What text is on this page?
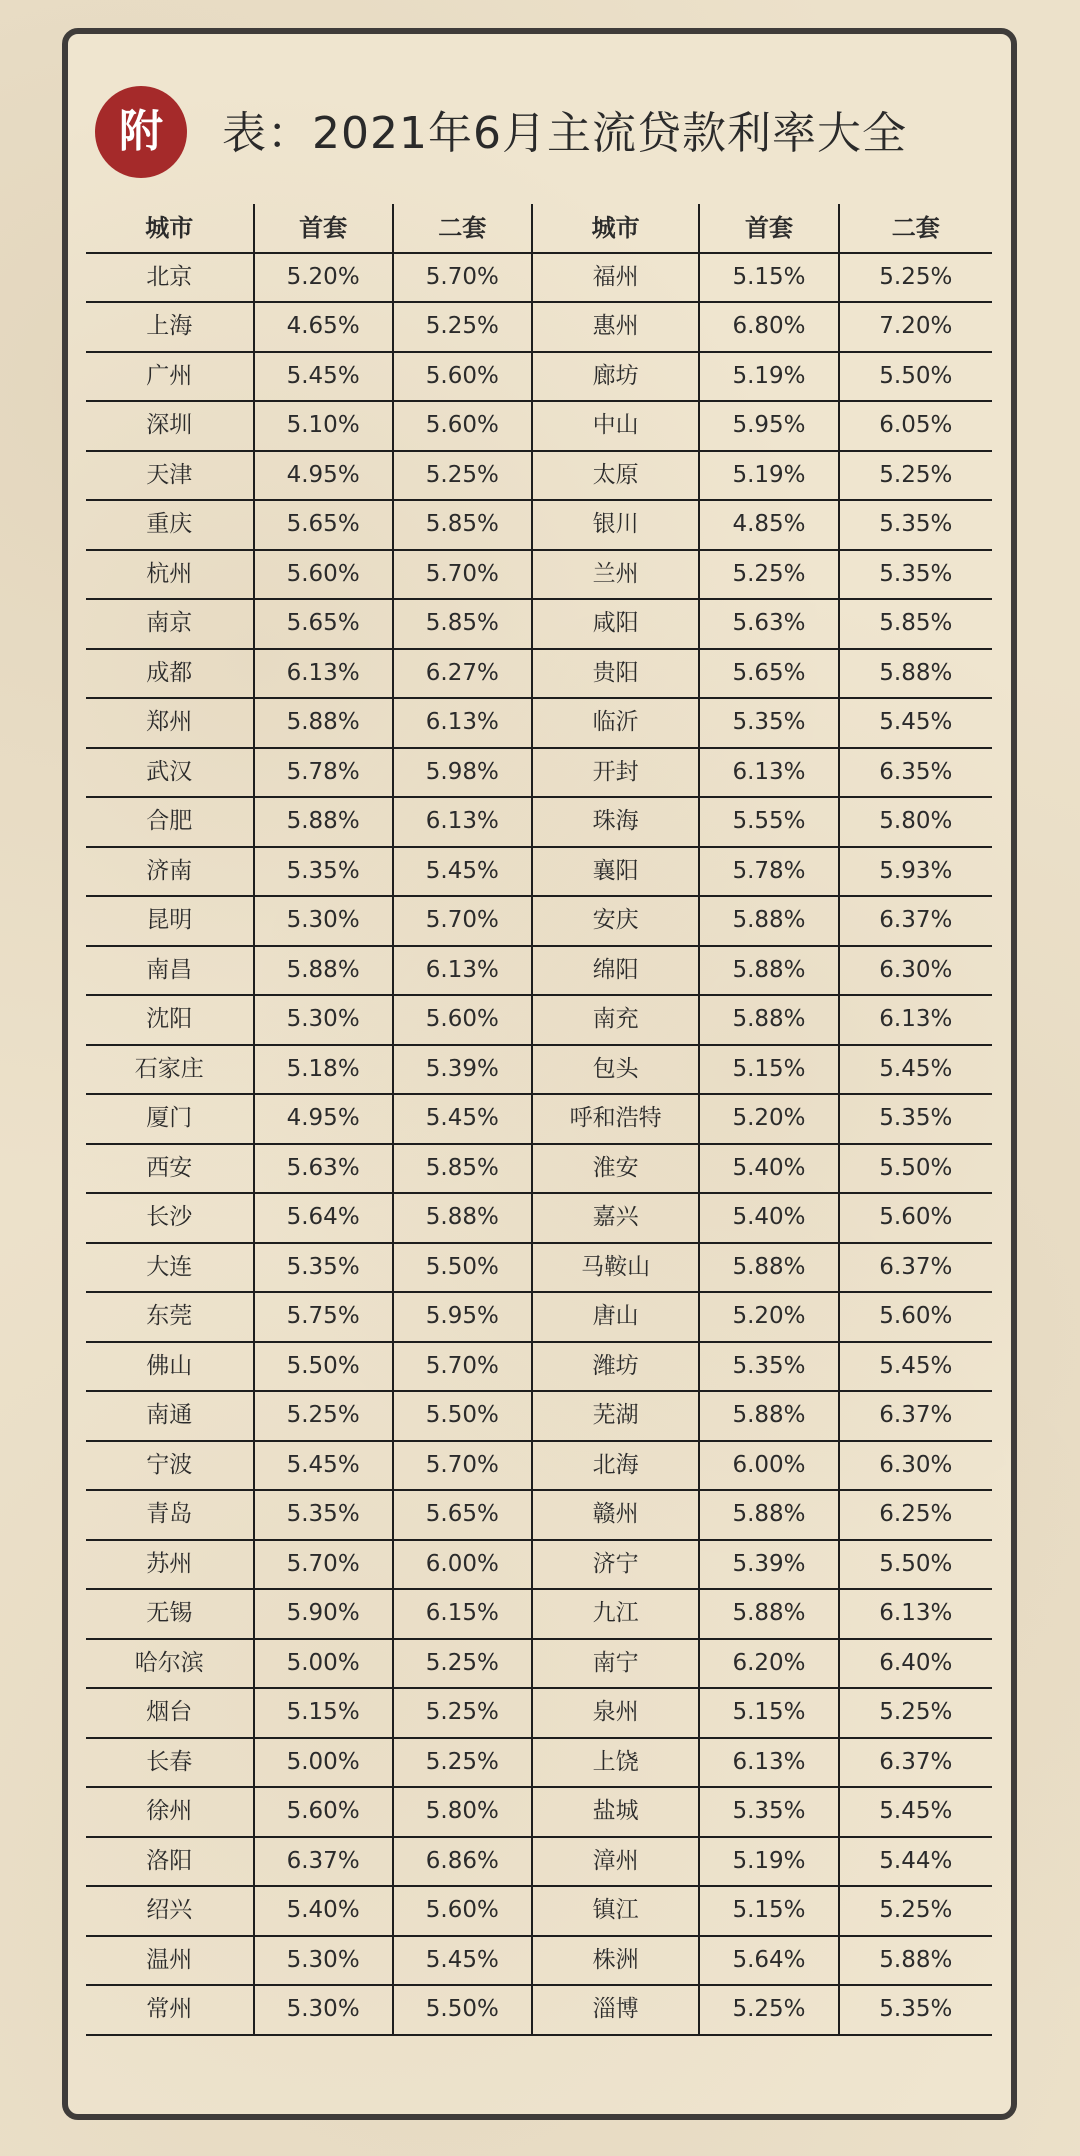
附	表：2021年6月主流贷款利率大全
城市	首套	二套	城市	首套	二套
北京	5.20%	5.70%	福州	5.15%	5.25%
上海	4.65%	5.25%	惠州	6.80%	7.20%
广州	5.45%	5.60%	廊坊	5.19%	5.50%
深圳	5.10%	5.60%	中山	5.95%	6.05%
天津	4.95%	5.25%	太原	5.19%	5.25%
重庆	5.65%	5.85%	银川	4.85%	5.35%
杭州	5.60%	5.70%	兰州	5.25%	5.35%
南京	5.65%	5.85%	咸阳	5.63%	5.85%
成都	6.13%	6.27%	贵阳	5.65%	5.88%
郑州	5.88%	6.13%	临沂	5.35%	5.45%
武汉	5.78%	5.98%	开封	6.13%	6.35%
合肥	5.88%	6.13%	珠海	5.55%	5.80%
济南	5.35%	5.45%	襄阳	5.78%	5.93%
昆明	5.30%	5.70%	安庆	5.88%	6.37%
南昌	5.88%	6.13%	绵阳	5.88%	6.30%
沈阳	5.30%	5.60%	南充	5.88%	6.13%
石家庄	5.18%	5.39%	包头	5.15%	5.45%
厦门	4.95%	5.45%	呼和浩特	5.20%	5.35%
西安	5.63%	5.85%	淮安	5.40%	5.50%
长沙	5.64%	5.88%	嘉兴	5.40%	5.60%
大连	5.35%	5.50%	马鞍山	5.88%	6.37%
东莞	5.75%	5.95%	唐山	5.20%	5.60%
佛山	5.50%	5.70%	潍坊	5.35%	5.45%
南通	5.25%	5.50%	芜湖	5.88%	6.37%
宁波	5.45%	5.70%	北海	6.00%	6.30%
青岛	5.35%	5.65%	赣州	5.88%	6.25%
苏州	5.70%	6.00%	济宁	5.39%	5.50%
无锡	5.90%	6.15%	九江	5.88%	6.13%
哈尔滨	5.00%	5.25%	南宁	6.20%	6.40%
烟台	5.15%	5.25%	泉州	5.15%	5.25%
长春	5.00%	5.25%	上饶	6.13%	6.37%
徐州	5.60%	5.80%	盐城	5.35%	5.45%
洛阳	6.37%	6.86%	漳州	5.19%	5.44%
绍兴	5.40%	5.60%	镇江	5.15%	5.25%
温州	5.30%	5.45%	株洲	5.64%	5.88%
常州	5.30%	5.50%	淄博	5.25%	5.35%
